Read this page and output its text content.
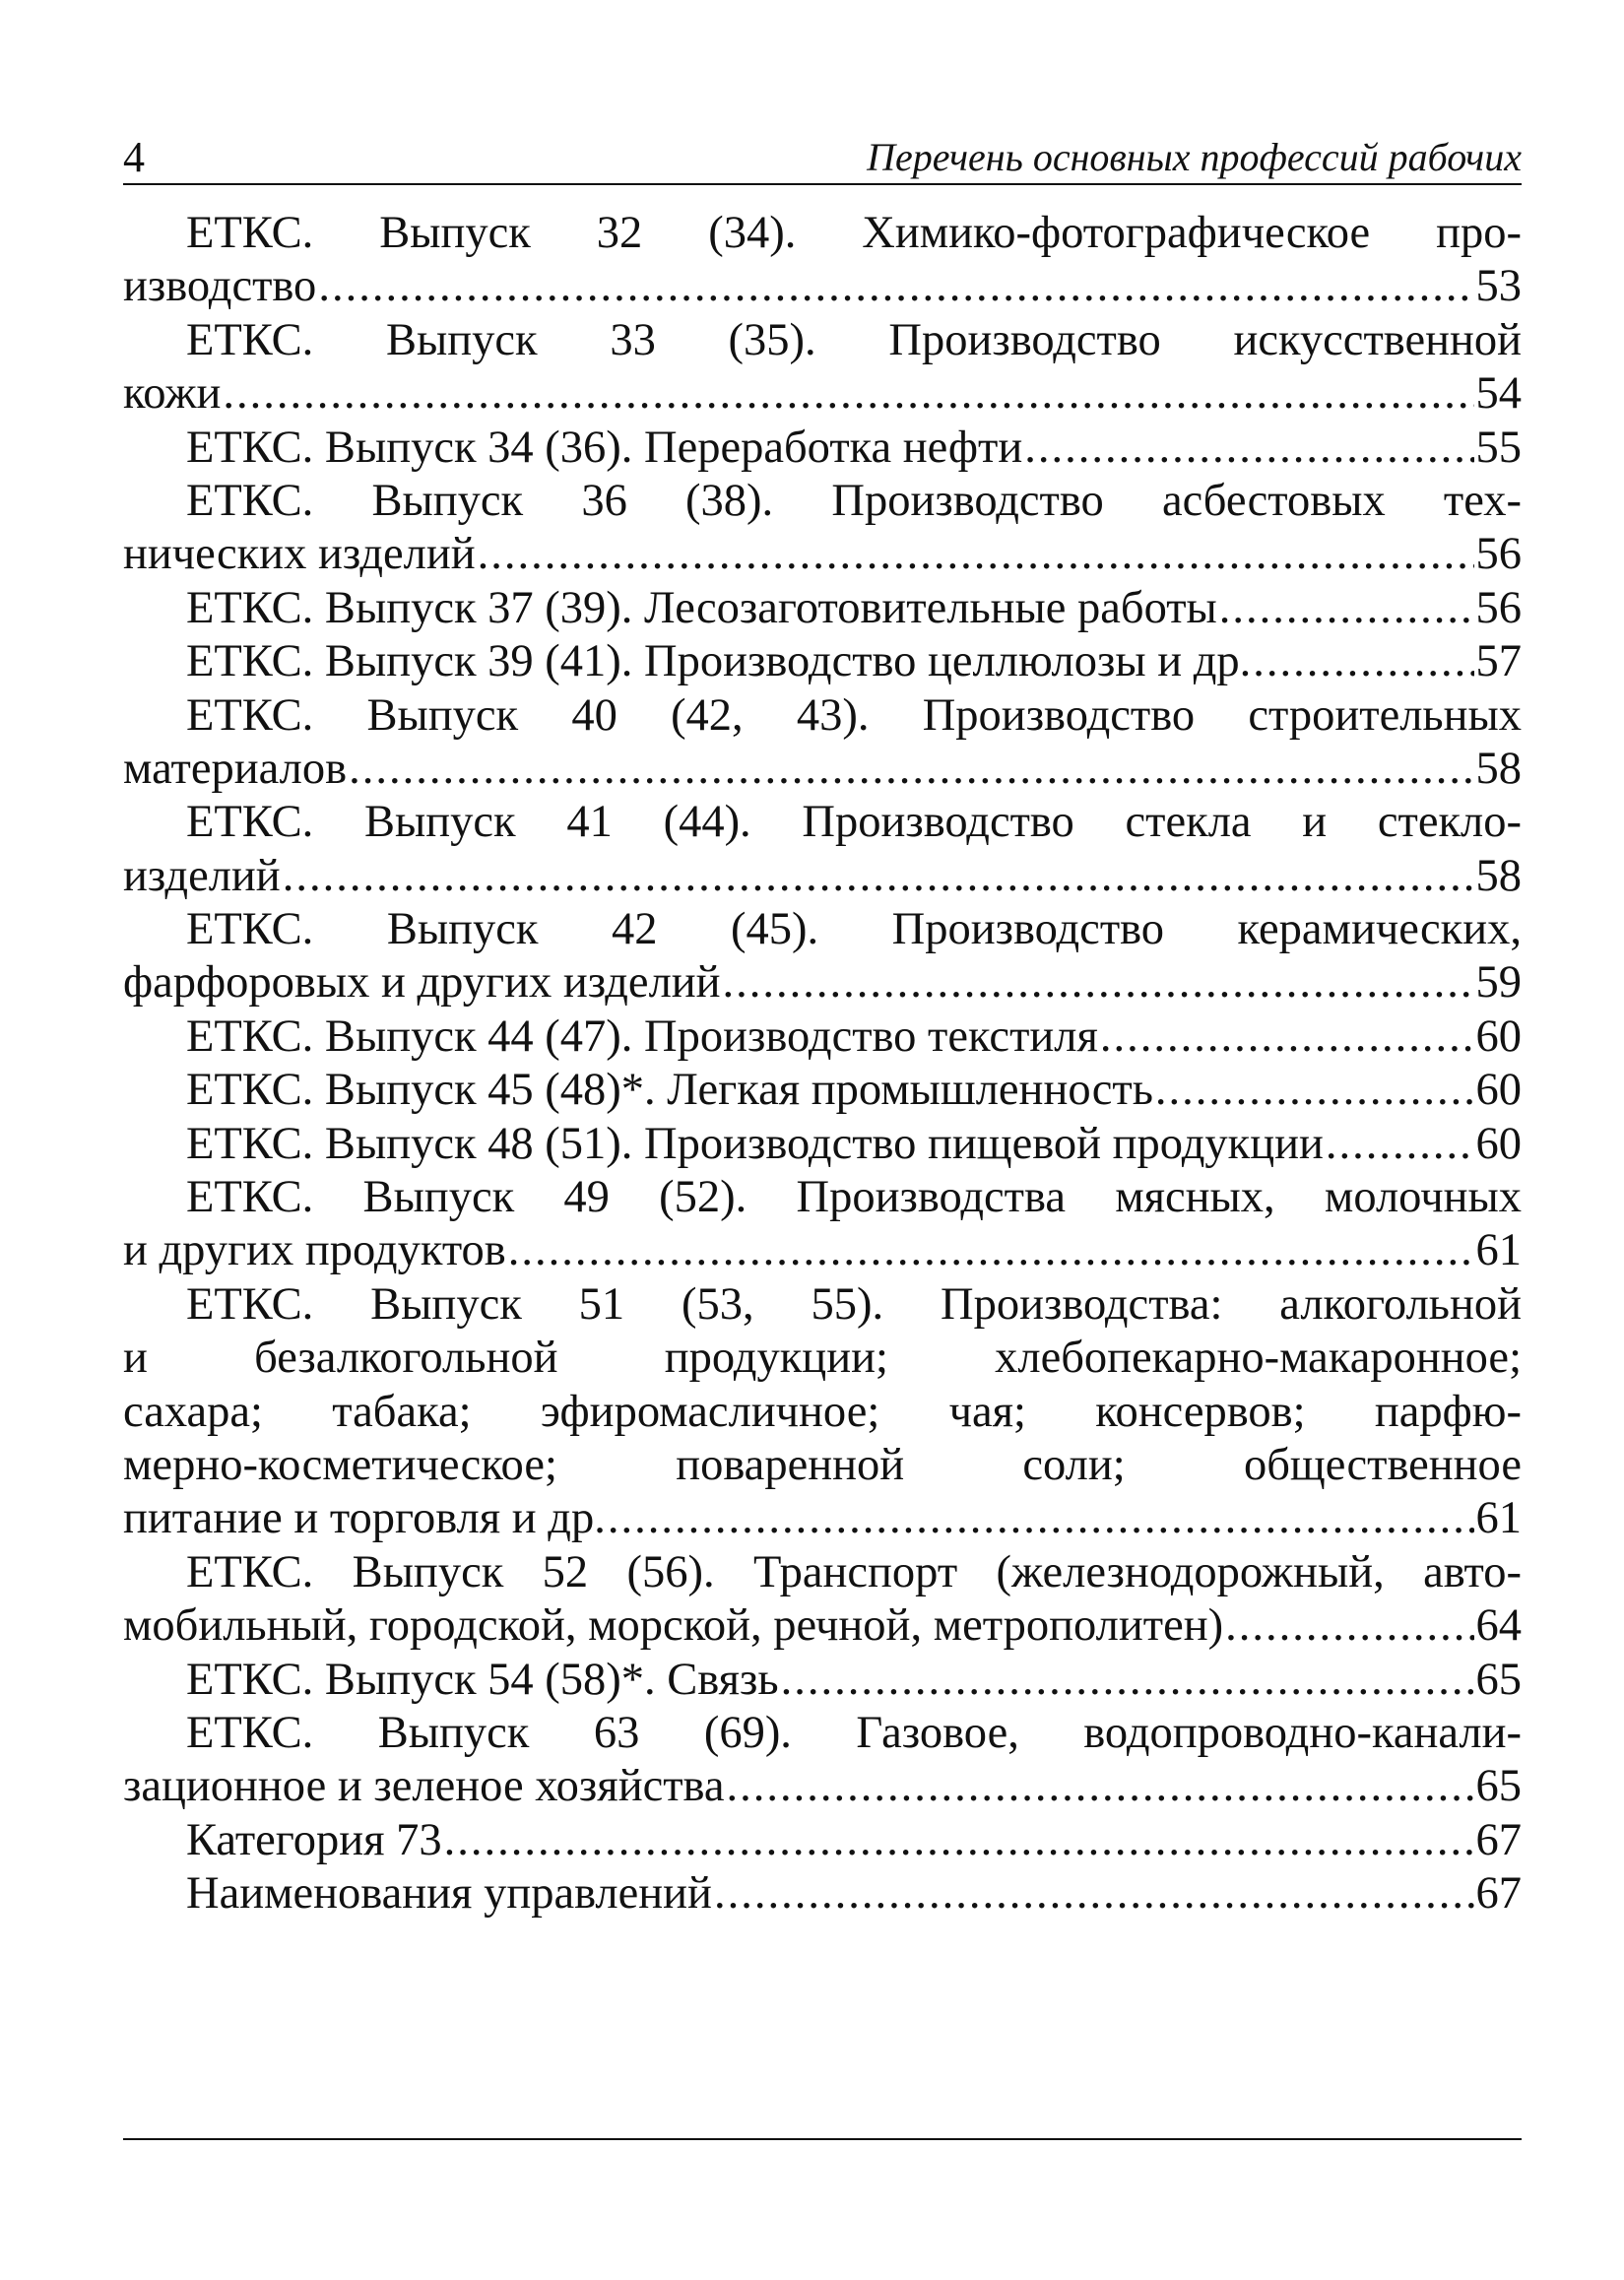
4	Перечень основных профессий рабочих
ЕТКС. Выпуск 32 (34). Химико-фотографическое про-
изводство .....	53
ЕТКС. Выпуск 33 (35). Производство искусственной
кожи .....	54
ЕТКС. Выпуск 34 (36). Переработка нефти .....	55
ЕТКС. Выпуск 36 (38). Производство асбестовых тех-
нических изделий .....	56
ЕТКС. Выпуск 37 (39). Лесозаготовительные работы .....	56
ЕТКС. Выпуск 39 (41). Производство целлюлозы и др. .....	57
ЕТКС. Выпуск 40 (42, 43). Производство строительных
материалов .....	58
ЕТКС. Выпуск 41 (44). Производство стекла и стекло-
изделий .....	58
ЕТКС. Выпуск 42 (45). Производство керамических,
фарфоровых и других изделий .....	59
ЕТКС. Выпуск 44 (47). Производство текстиля .....	60
ЕТКС. Выпуск 45 (48)*. Легкая промышленность .....	60
ЕТКС. Выпуск 48 (51). Производство пищевой продукции .....	60
ЕТКС. Выпуск 49 (52). Производства мясных, молочных
и других продуктов .....	61
ЕТКС. Выпуск 51 (53, 55). Производства: алкогольной
и безалкогольной продукции; хлебопекарно-макаронное;
сахара; табака; эфиромасличное; чая; консервов; парфю-
мерно-косметическое; поваренной соли; общественное
питание и торговля и др. .....	61
ЕТКС. Выпуск 52 (56). Транспорт (железнодорожный, авто-
мобильный, городской, морской, речной, метрополитен) .....	64
ЕТКС. Выпуск 54 (58)*. Связь .....	65
ЕТКС. Выпуск 63 (69). Газовое, водопроводно-канали-
зационное и зеленое хозяйства .....	65
Категория 73 .....	67
Наименования управлений .....	67
